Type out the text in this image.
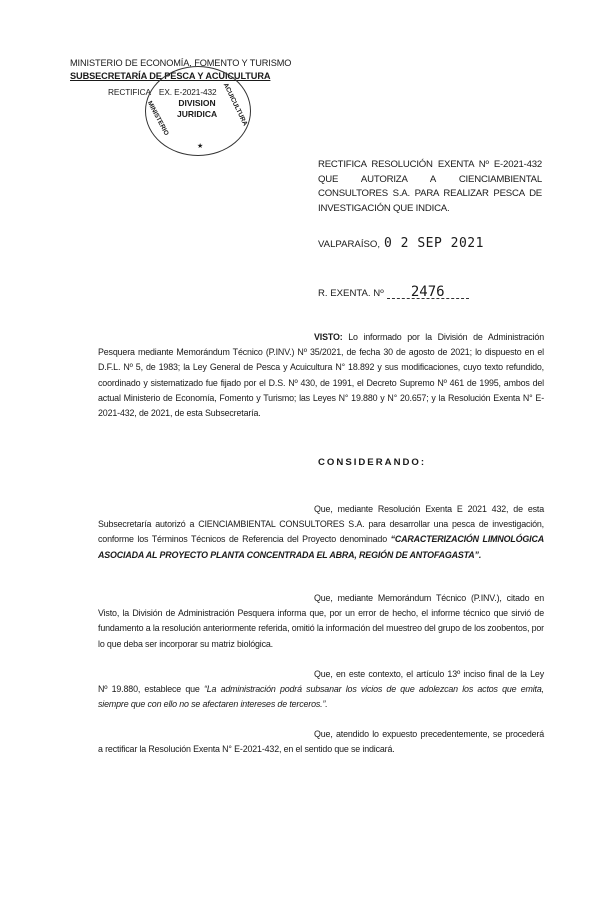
MINISTERIO DE ECONOMÍA, FOMENTO Y TURISMO
SUBSECRETARÍA DE PESCA Y ACUICULTURA
RECTIFICA EX. E-2021-432
MINISTERIO	ACUICULTURA
DIVISION
JURIDICA
★
RECTIFICA RESOLUCIÓN EXENTA Nº E-2021-432 QUE AUTORIZA A CIENCIAMBIENTAL CONSULTORES S.A. PARA REALIZAR PESCA DE INVESTIGACIÓN QUE INDICA.
VALPARAÍSO, 0 2 SEP 2021
R. EXENTA. Nº 2476
VISTO: Lo informado por la División de Administración Pesquera mediante Memorándum Técnico (P.INV.) Nº 35/2021, de fecha 30 de agosto de 2021; lo dispuesto en el D.F.L. Nº 5, de 1983; la Ley General de Pesca y Acuicultura N° 18.892 y sus modificaciones, cuyo texto refundido, coordinado y sistematizado fue fijado por el D.S. Nº 430, de 1991, el Decreto Supremo Nº 461 de 1995, ambos del actual Ministerio de Economía, Fomento y Turismo; las Leyes N° 19.880 y N° 20.657; y la Resolución Exenta N° E-2021-432, de 2021, de esta Subsecretaría.
CONSIDERANDO:
Que, mediante Resolución Exenta E 2021 432, de esta Subsecretaría autorizó a CIENCIAMBIENTAL CONSULTORES S.A. para desarrollar una pesca de investigación, conforme los Términos Técnicos de Referencia del Proyecto denominado “CARACTERIZACIÓN LIMNOLÓGICA ASOCIADA AL PROYECTO PLANTA CONCENTRADA EL ABRA, REGIÓN DE ANTOFAGASTA”.
Que, mediante Memorándum Técnico (P.INV.), citado en Visto, la División de Administración Pesquera informa que, por un error de hecho, el informe técnico que sirvió de fundamento a la resolución anteriormente referida, omitió la información del muestreo del grupo de los zoobentos, por lo que deba ser incorporar su matriz biológica.
Que, en este contexto, el artículo 13º inciso final de la Ley Nº 19.880, establece que “La administración podrá subsanar los vicios de que adolezcan los actos que emita, siempre que con ello no se afectaren intereses de terceros.”.
Que, atendido lo expuesto precedentemente, se procederá a rectificar la Resolución Exenta N° E-2021-432, en el sentido que se indicará.
